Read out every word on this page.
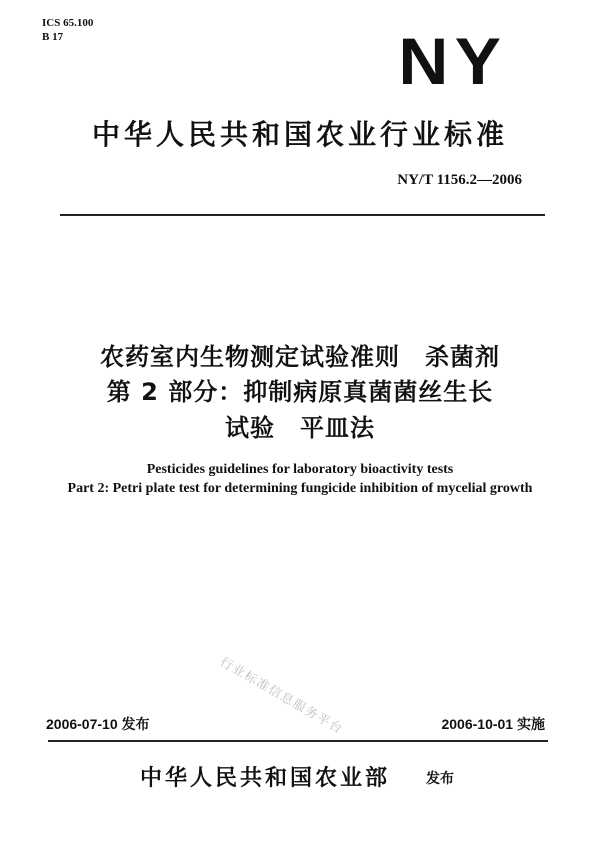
ICS 65.100
B 17	NY
中华人民共和国农业行业标准
NY/T 1156.2—2006
农药室内生物测定试验准则　杀菌剂
第 2 部分：抑制病原真菌菌丝生长
试验　平皿法
Pesticides guidelines for laboratory bioactivity tests
Part 2: Petri plate test for determining fungicide inhibition of mycelial growth
行业标准信息服务平台
2006-07-10 发布	2006-10-01 实施
中华人民共和国农业部	发布
